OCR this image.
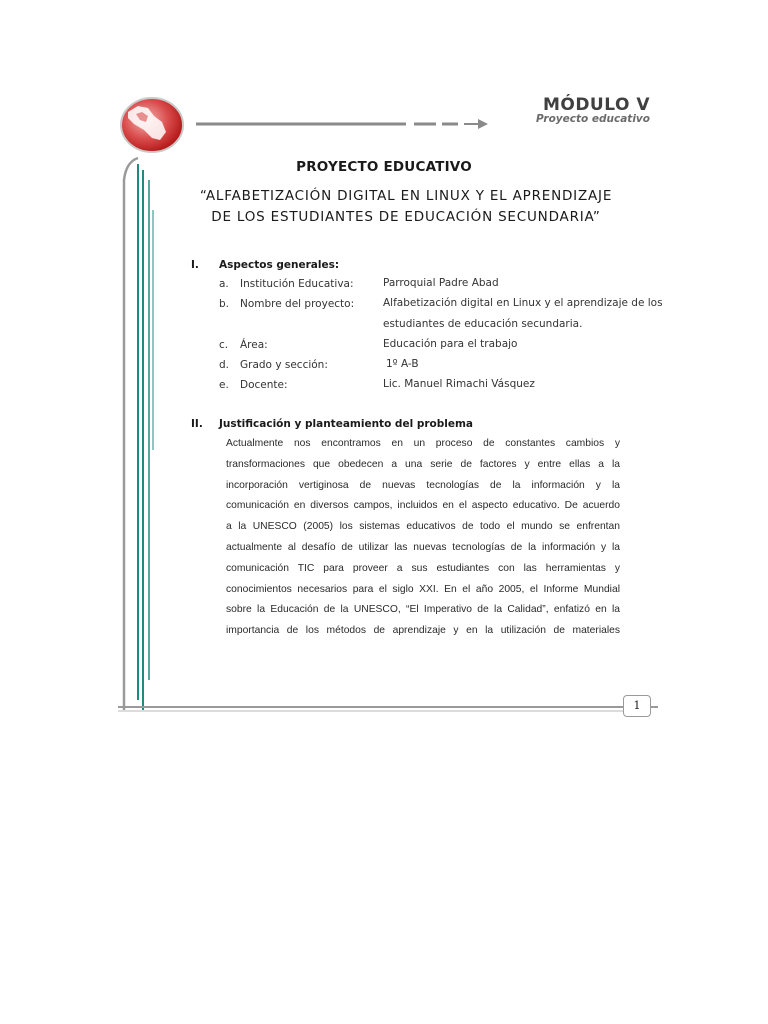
MÓDULO V
Proyecto educativo
1
PROYECTO EDUCATIVO
“ALFABETIZACIÓN DIGITAL EN LINUX Y EL APRENDIZAJE
DE LOS ESTUDIANTES DE EDUCACIÓN SECUNDARIA”
I. Aspectos generales:
a. Institución Educativa:	Parroquial Padre Abad
b. Nombre del proyecto:	Alfabetización digital en Linux y el aprendizaje de los estudiantes de educación secundaria.
c. Área:	Educación para el trabajo
d. Grado y sección:	1º A-B
e. Docente:	Lic. Manuel Rimachi Vásquez
II. Justificación y planteamiento del problema
Actualmente nos encontramos en un proceso de constantes cambios y
transformaciones que obedecen a una serie de factores y entre ellas a la
incorporación vertiginosa de nuevas tecnologías de la información y la
comunicación en diversos campos, incluidos en el aspecto educativo. De acuerdo
a la UNESCO (2005) los sistemas educativos de todo el mundo se enfrentan
actualmente al desafío de utilizar las nuevas tecnologías de la información y la
comunicación TIC para proveer a sus estudiantes con las herramientas y
conocimientos necesarios para el siglo XXI. En el año 2005, el Informe Mundial
sobre la Educación de la UNESCO, “El Imperativo de la Calidad”, enfatizó en la
importancia de los métodos de aprendizaje y en la utilización de materiales
